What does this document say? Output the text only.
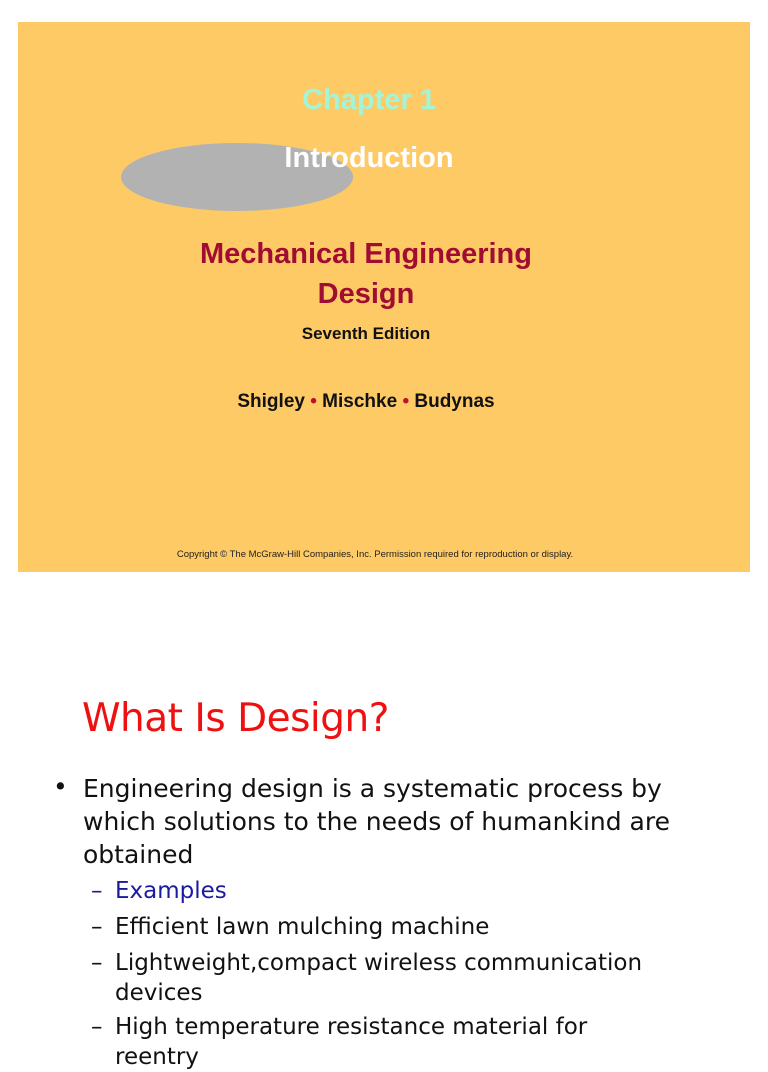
Chapter 1
Introduction
Mechanical Engineering
Design
Seventh Edition
Shigley • Mischke • Budynas
Copyright © The McGraw-Hill Companies, Inc. Permission required for reproduction or display.
What Is Design?
• Engineering design is a systematic process by which solutions to the needs of humankind are obtained
– Examples
– Efficient lawn mulching machine
– Lightweight,compact wireless communication devices
– High temperature resistance material for reentry
